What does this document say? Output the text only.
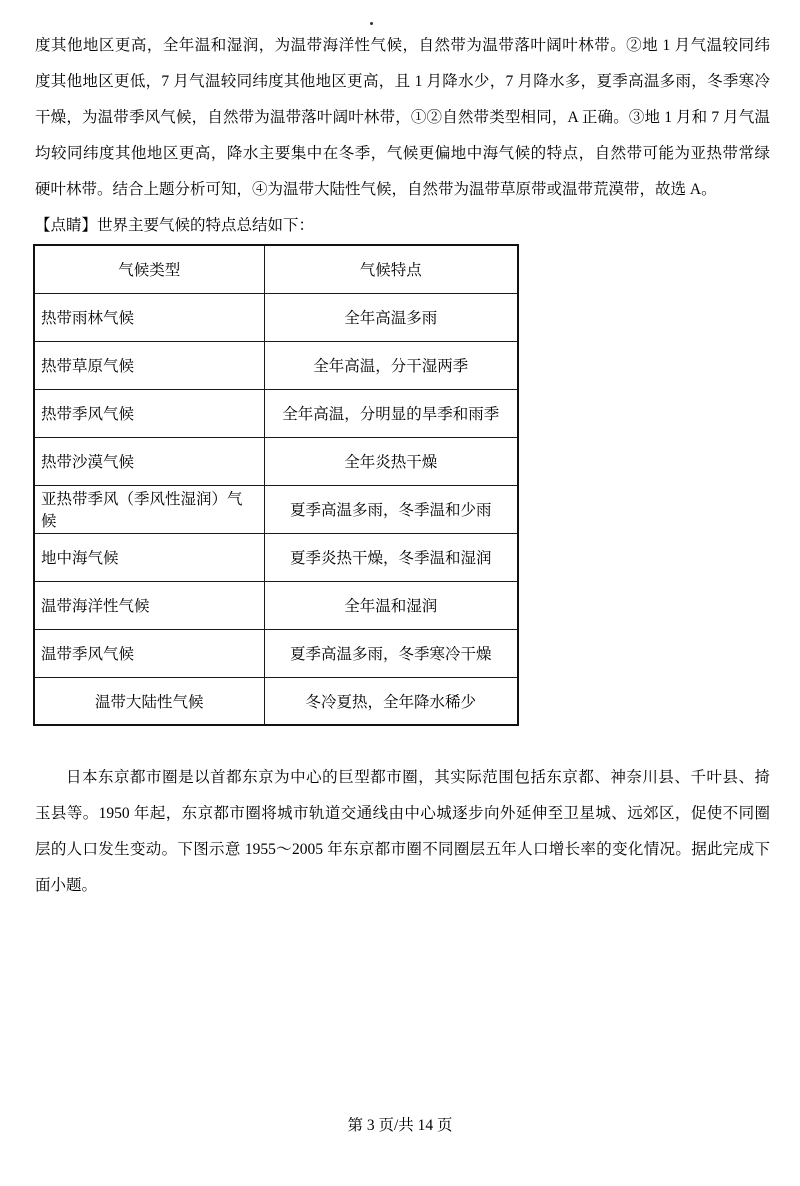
度其他地区更高，全年温和湿润，为温带海洋性气候，自然带为温带落叶阔叶林带。②地 1 月气温较同纬
度其他地区更低，7 月气温较同纬度其他地区更高，且 1 月降水少，7 月降水多，夏季高温多雨，冬季寒冷
干燥，为温带季风气候，自然带为温带落叶阔叶林带，①②自然带类型相同，A 正确。③地 1 月和 7 月气温
均较同纬度其他地区更高，降水主要集中在冬季，气候更偏地中海气候的特点，自然带可能为亚热带常绿
硬叶林带。结合上题分析可知，④为温带大陆性气候，自然带为温带草原带或温带荒漠带，故选 A。
【点睛】世界主要气候的特点总结如下：
气候类型	气候特点
热带雨林气候	全年高温多雨
热带草原气候	全年高温，分干湿两季
热带季风气候	全年高温，分明显的旱季和雨季
热带沙漠气候	全年炎热干燥
亚热带季风（季风性湿润）气候	夏季高温多雨，冬季温和少雨
地中海气候	夏季炎热干燥，冬季温和湿润
温带海洋性气候	全年温和湿润
温带季风气候	夏季高温多雨，冬季寒冷干燥
温带大陆性气候	冬冷夏热，全年降水稀少
日本东京都市圈是以首都东京为中心的巨型都市圈，其实际范围包括东京都、神奈川县、千叶县、掎
玉县等。1950 年起，东京都市圈将城市轨道交通线由中心城逐步向外延伸至卫星城、远郊区，促使不同圈
层的人口发生变动。下图示意 1955～2005 年东京都市圈不同圈层五年人口增长率的变化情况。据此完成下
面小题。
第 3 页/共 14 页
